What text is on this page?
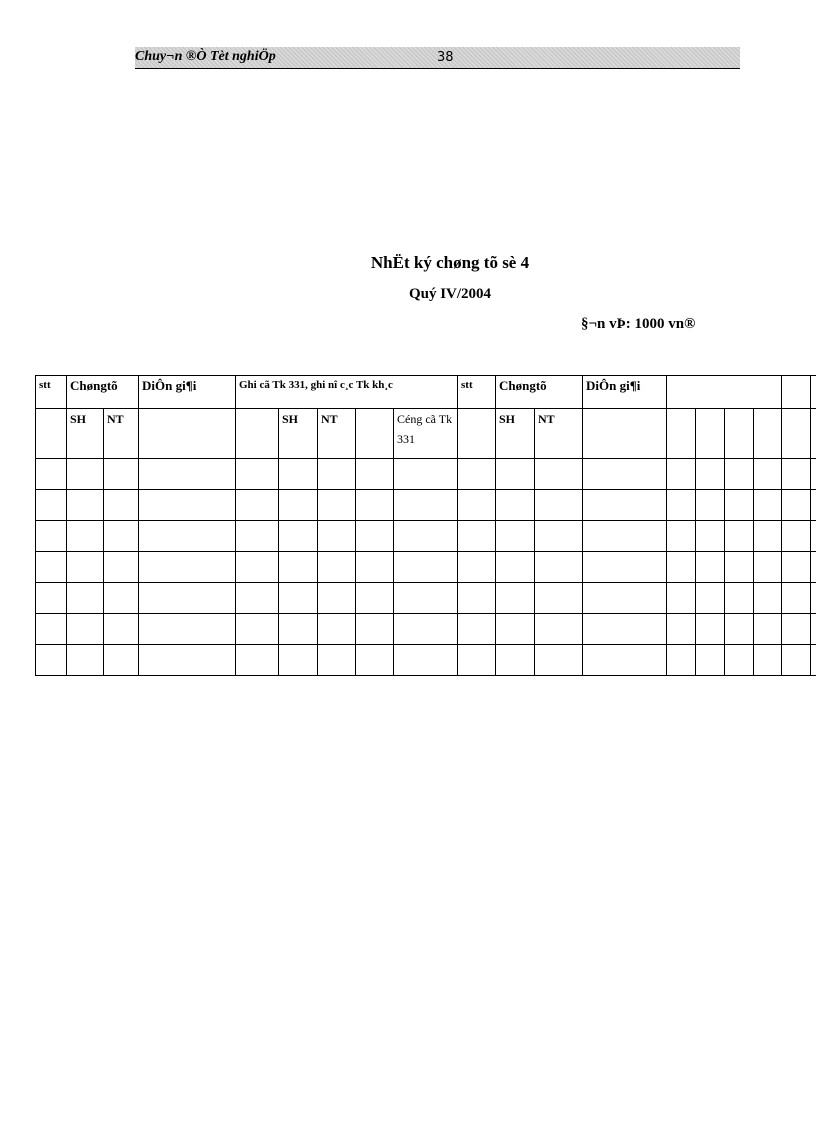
Chuy¬n ®Ò Tèt nghiÖp	38
NhËt ký chøng tõ sè 4
Quý IV/2004
§¬n vÞ: 1000 vn®
stt	Chøngtõ		DiÔn gi¶i	Ghi cã Tk 331, ghi nî c¸c Tk kh¸c					stt	Chøngtõ		DiÔn gi¶i							
	SH	NT			SH	NT		Céng cã Tk 331		SH	NT								
